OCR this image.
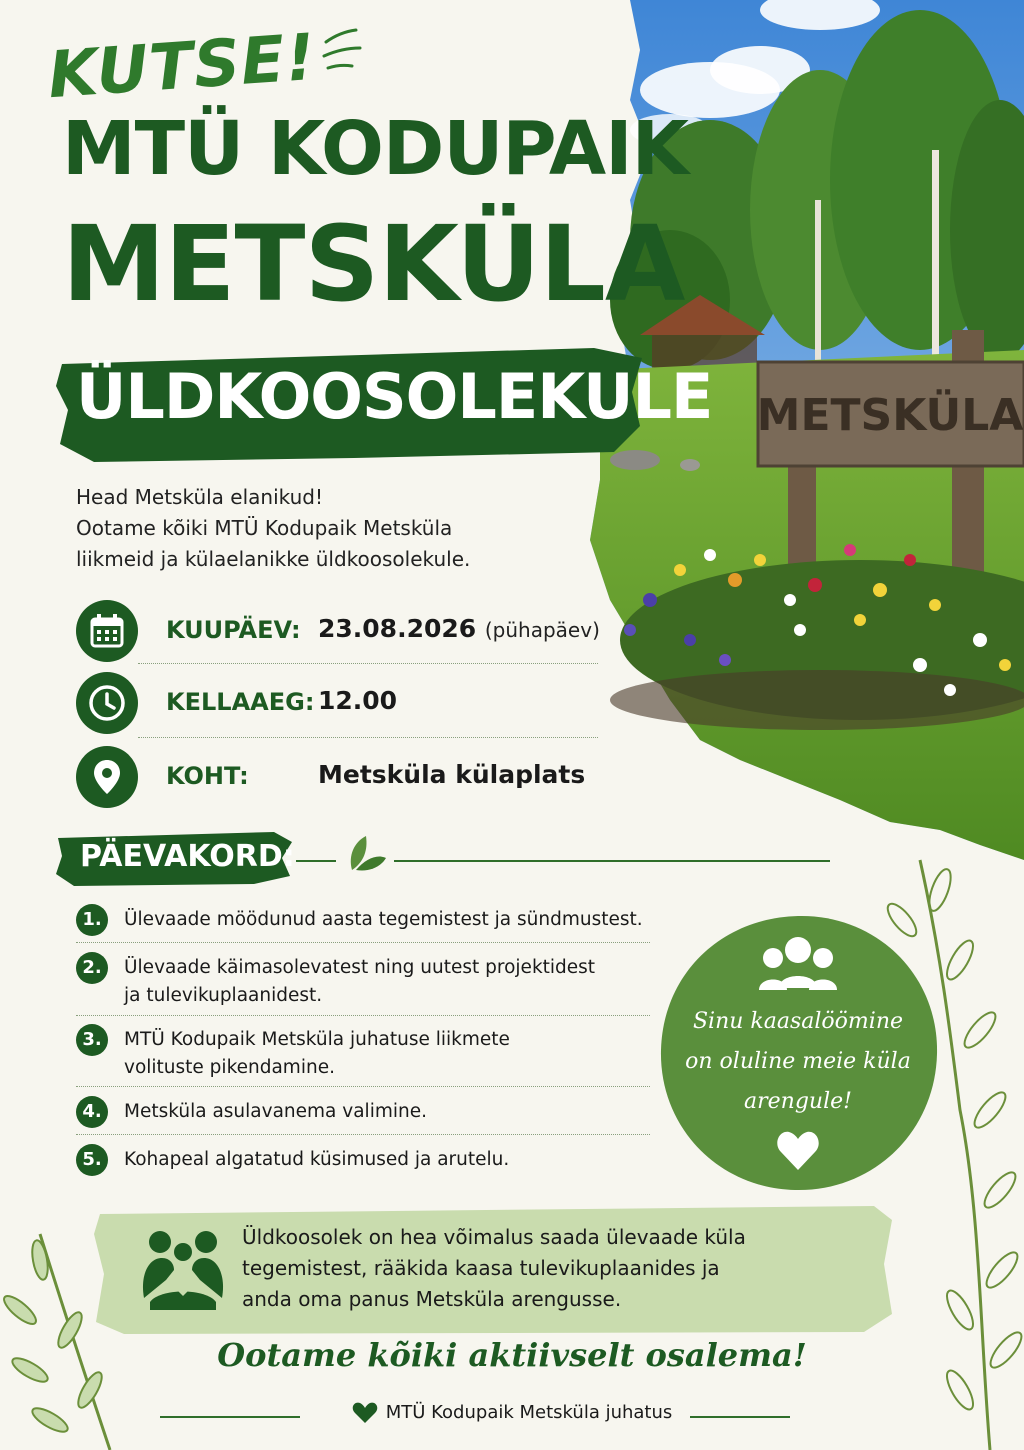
METSKÜLA
KUTSE!
MTÜ KODUPAIK
METSKÜLA
ÜLDKOOSOLEKULE
Head Metsküla elanikud!
Ootame kõiki MTÜ Kodupaik Metsküla
liikmeid ja külaelanikke üldkoosolekule.
KUUPÄEV: 23.08.2026 (pühapäev)
KELLAAEG: 12.00
KOHT:	Metsküla külaplats
PÄEVAKORD:
1.	Ülevaade möödunud aasta tegemistest ja sündmustest.
2.	Ülevaade käimasolevatest ning uutest projektidest
ja tulevikuplaanidest.
3.	MTÜ Kodupaik Metsküla juhatuse liikmete
volituste pikendamine.
4.	Metsküla asulavanema valimine.
5.	Kohapeal algatatud küsimused ja arutelu.
Sinu kaasalöömine
on oluline meie küla
arengule!
Üldkoosolek on hea võimalus saada ülevaade küla
tegemistest, rääkida kaasa tulevikuplaanides ja
anda oma panus Metsküla arengusse.
Ootame kõiki aktiivselt osalema!
MTÜ Kodupaik Metsküla juhatus
